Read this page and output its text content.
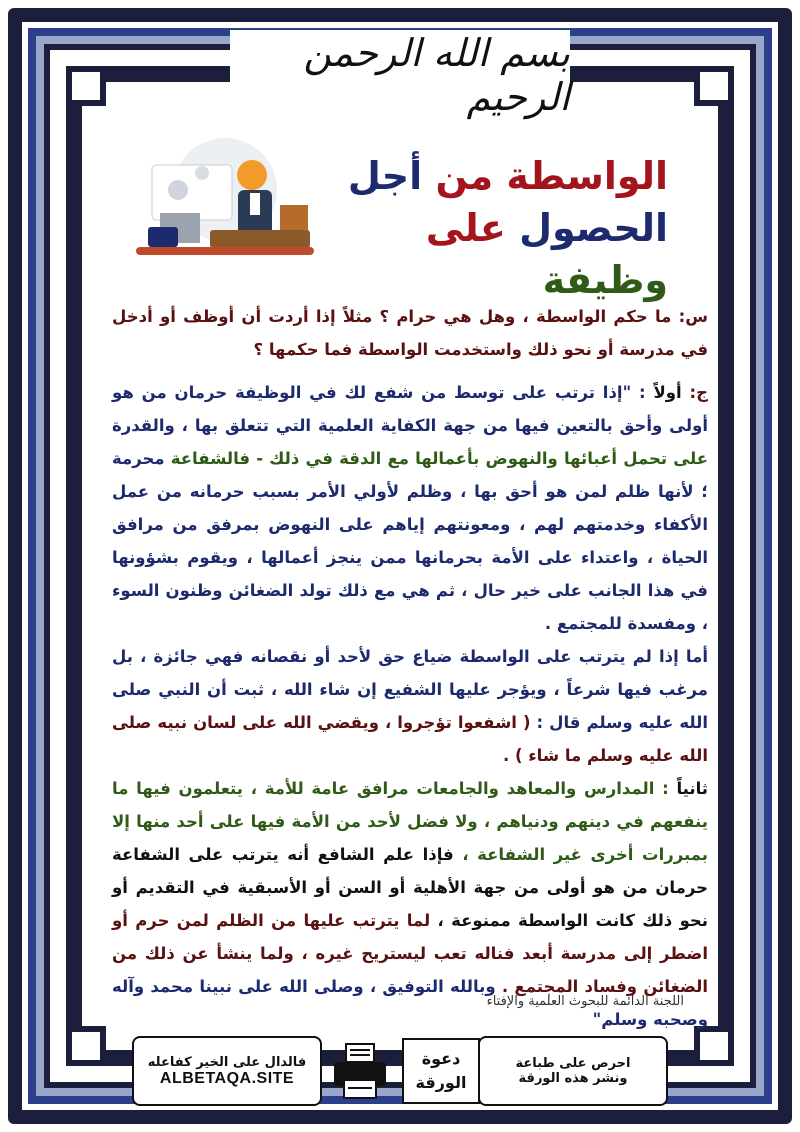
بسم الله الرحمن الرحيم
الواسطة من أجل
الحصول على وظيفة

س: ما حكم الواسطة ، وهل هي حرام ؟ مثلاً إذا أردت أن أوظف أو أدخل في مدرسة أو نحو ذلك واستخدمت الواسطة فما حكمها ؟

ج: أولاً : "إذا ترتب على توسط من شفع لك في الوظيفة حرمان من هو أولى وأحق بالتعين فيها من جهة الكفاية العلمية التي تتعلق بها ، والقدرة على تحمل أعبائها والنهوض بأعمالها مع الدقة في ذلك - فالشفاعة محرمة ؛ لأنها ظلم لمن هو أحق بها ، وظلم لأولي الأمر بسبب حرمانه من عمل الأكفاء وخدمتهم لهم ، ومعونتهم إياهم على النهوض بمرفق من مرافق الحياة ، واعتداء على الأمة بحرمانها ممن ينجز أعمالها ، ويقوم بشؤونها في هذا الجانب على خير حال ، ثم هي مع ذلك تولد الضغائن وظنون السوء ، ومفسدة للمجتمع .

أما إذا لم يترتب على الواسطة ضياع حق لأحد أو نقصانه فهي جائزة ، بل مرغب فيها شرعاً ، ويؤجر عليها الشفيع إن شاء الله ، ثبت أن النبي صلى الله عليه وسلم قال : ( اشفعوا تؤجروا ، ويقضي الله على لسان نبيه صلى الله عليه وسلم ما شاء ) .

ثانياً : المدارس والمعاهد والجامعات مرافق عامة للأمة ، يتعلمون فيها ما ينفعهم في دينهم ودنياهم ، ولا فضل لأحد من الأمة فيها على أحد منها إلا بمبررات أخرى غير الشفاعة ، فإذا علم الشافع أنه يترتب على الشفاعة حرمان من هو أولى من جهة الأهلية أو السن أو الأسبقية في التقديم أو نحو ذلك كانت الواسطة ممنوعة ، لما يترتب عليها من الظلم لمن حرم أو اضطر إلى مدرسة أبعد فناله تعب ليستريح غيره ، ولما ينشأ عن ذلك من الضغائن وفساد المجتمع . وبالله التوفيق ، وصلى الله على نبينا محمد وآله وصحبه وسلم"

اللجنة الدائمة للبحوث العلمية والإفتاء
فالدال على الخير كفاعله
ALBETAQA.SITE
دعوة
الورقة
احرص على طباعة
ونشر هذه الورقة
